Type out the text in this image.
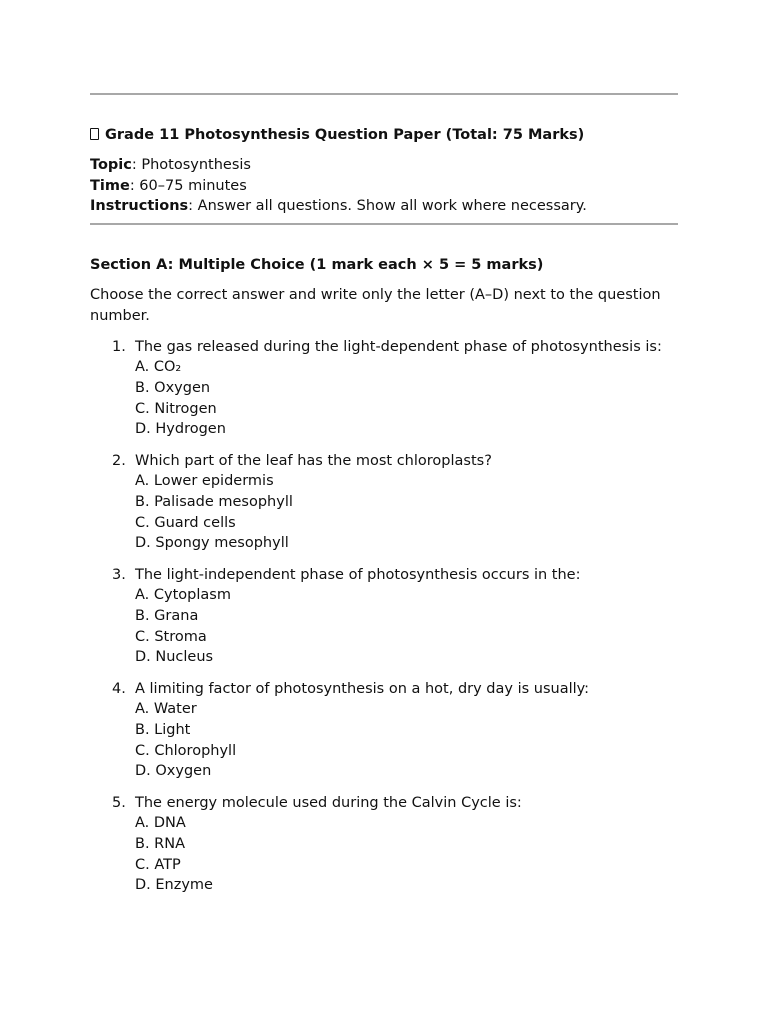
Grade 11 Photosynthesis Question Paper (Total: 75 Marks)
Topic: Photosynthesis
Time: 60–75 minutes
Instructions: Answer all questions. Show all work where necessary.
Section A: Multiple Choice (1 mark each × 5 = 5 marks)
Choose the correct answer and write only the letter (A–D) next to the question number.
1. The gas released during the light-dependent phase of photosynthesis is:
A. CO₂
B. Oxygen
C. Nitrogen
D. Hydrogen
2. Which part of the leaf has the most chloroplasts?
A. Lower epidermis
B. Palisade mesophyll
C. Guard cells
D. Spongy mesophyll
3. The light-independent phase of photosynthesis occurs in the:
A. Cytoplasm
B. Grana
C. Stroma
D. Nucleus
4. A limiting factor of photosynthesis on a hot, dry day is usually:
A. Water
B. Light
C. Chlorophyll
D. Oxygen
5. The energy molecule used during the Calvin Cycle is:
A. DNA
B. RNA
C. ATP
D. Enzyme
